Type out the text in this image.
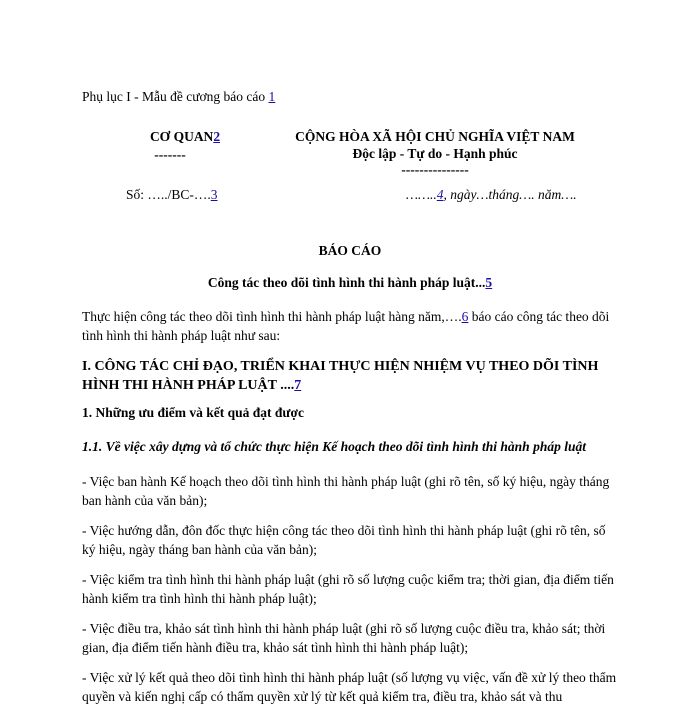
Phụ lục I - Mẫu đề cương báo cáo 1
CƠ QUAN2
-------
CỘNG HÒA XÃ HỘI CHỦ NGHĨA VIỆT NAM
Độc lập - Tự do - Hạnh phúc
---------------
Số: …../BC-….3	……..4, ngày…tháng…. năm….
BÁO CÁO
Công tác theo dõi tình hình thi hành pháp luật...5
Thực hiện công tác theo dõi tình hình thi hành pháp luật hàng năm,….6 báo cáo công tác theo dõi tình hình thi hành pháp luật như sau:
I. CÔNG TÁC CHỈ ĐẠO, TRIỂN KHAI THỰC HIỆN NHIỆM VỤ THEO DÕI TÌNH HÌNH THI HÀNH PHÁP LUẬT ....7
1. Những ưu điểm và kết quả đạt được
1.1. Về việc xây dựng và tổ chức thực hiện Kế hoạch theo dõi tình hình thi hành pháp luật
- Việc ban hành Kế hoạch theo dõi tình hình thi hành pháp luật (ghi rõ tên, số ký hiệu, ngày tháng ban hành của văn bản);
- Việc hướng dẫn, đôn đốc thực hiện công tác theo dõi tình hình thi hành pháp luật (ghi rõ tên, số ký hiệu, ngày tháng ban hành của văn bản);
- Việc kiểm tra tình hình thi hành pháp luật (ghi rõ số lượng cuộc kiểm tra; thời gian, địa điểm tiến hành kiểm tra tình hình thi hành pháp luật);
- Việc điều tra, khảo sát tình hình thi hành pháp luật (ghi rõ số lượng cuộc điều tra, khảo sát; thời gian, địa điểm tiến hành điều tra, khảo sát tình hình thi hành pháp luật);
- Việc xử lý kết quả theo dõi tình hình thi hành pháp luật (số lượng vụ việc, vấn đề xử lý theo thẩm quyền và kiến nghị cấp có thẩm quyền xử lý từ kết quả kiểm tra, điều tra, khảo sát và thu
